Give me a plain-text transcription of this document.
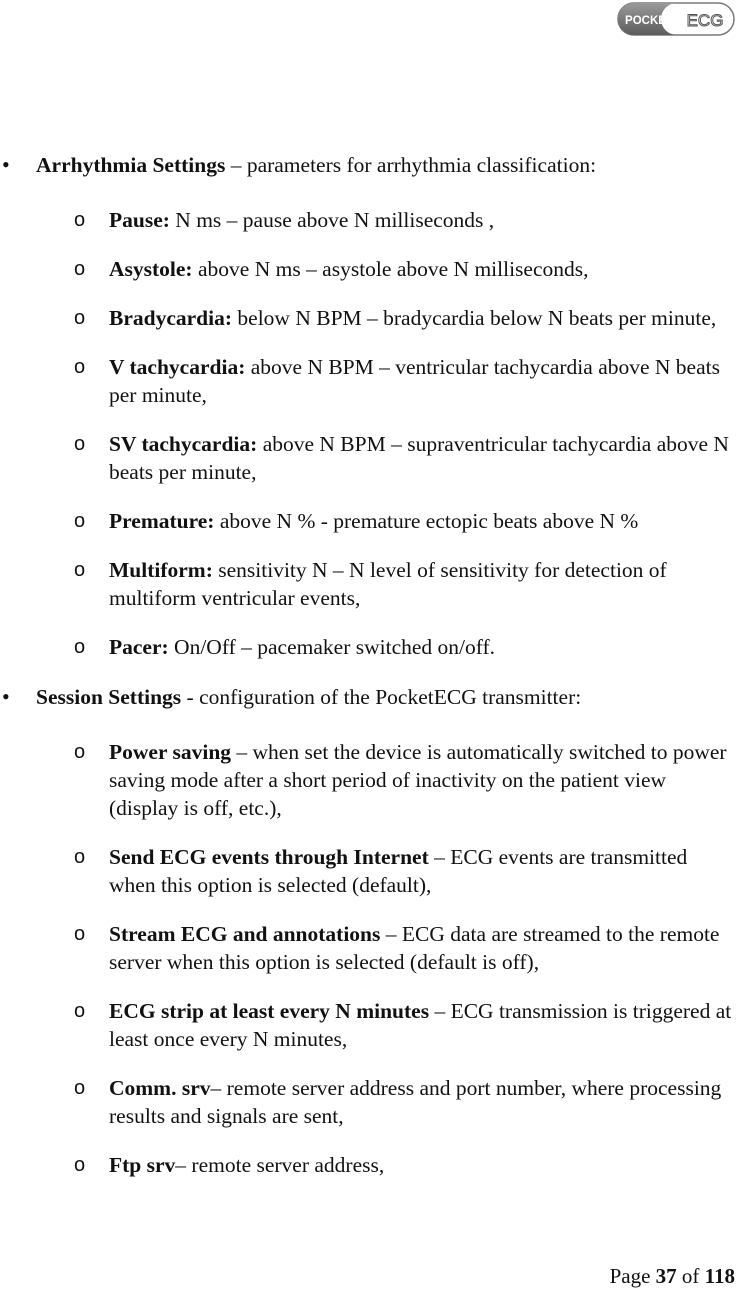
POCKET ECG
• Arrhythmia Settings – parameters for arrhythmia classification:
o Pause: N ms – pause above N milliseconds ,
o Asystole: above N ms – asystole above N milliseconds,
o Bradycardia: below N BPM – bradycardia below N beats per minute,
o V tachycardia: above N BPM – ventricular tachycardia above N beats per minute,
o SV tachycardia: above N BPM – supraventricular tachycardia above N beats per minute,
o Premature: above N % - premature ectopic beats above N %
o Multiform: sensitivity N – N level of sensitivity for detection of multiform ventricular events,
o Pacer: On/Off – pacemaker switched on/off.
• Session Settings - configuration of the PocketECG transmitter:
o Power saving – when set the device is automatically switched to power saving mode after a short period of inactivity on the patient view (display is off, etc.),
o Send ECG events through Internet – ECG events are transmitted when this option is selected (default),
o Stream ECG and annotations – ECG data are streamed to the remote server when this option is selected (default is off),
o ECG strip at least every N minutes – ECG transmission is triggered at least once every N minutes,
o Comm. srv– remote server address and port number, where processing results and signals are sent,
o Ftp srv– remote server address,
Page 37 of 118
